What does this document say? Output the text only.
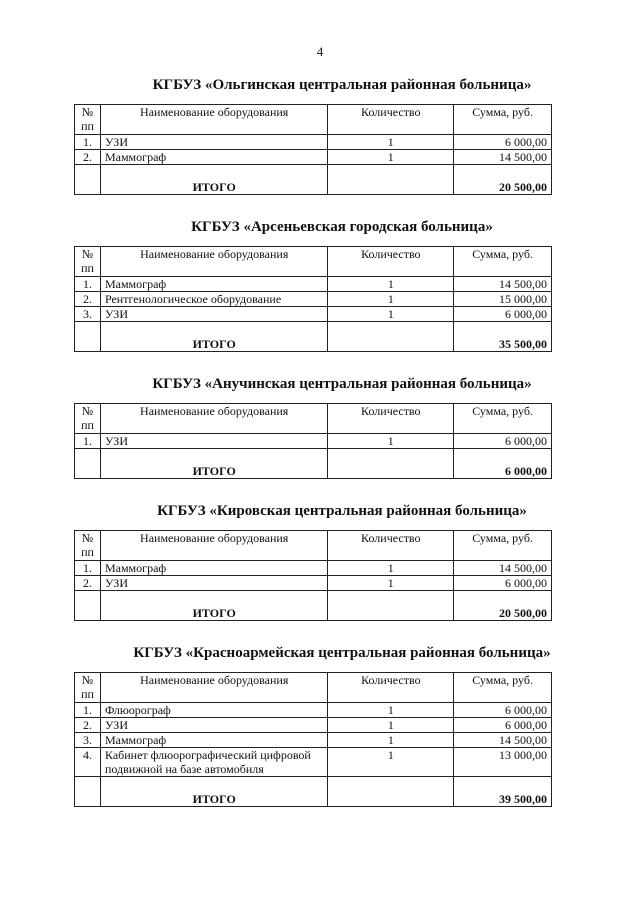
4
КГБУЗ «Ольгинская центральная районная больница»
№ пп	Наименование оборудования	Количество	Сумма, руб.
1.	УЗИ	1	6 000,00
2.	Маммограф	1	14 500,00
	ИТОГО		20 500,00
КГБУЗ «Арсеньевская городская больница»
№ пп	Наименование оборудования	Количество	Сумма, руб.
1.	Маммограф	1	14 500,00
2.	Рентгенологическое оборудование	1	15 000,00
3.	УЗИ	1	6 000,00
	ИТОГО		35 500,00
КГБУЗ «Анучинская центральная районная больница»
№ пп	Наименование оборудования	Количество	Сумма, руб.
1.	УЗИ	1	6 000,00
	ИТОГО		6 000,00
КГБУЗ «Кировская центральная районная больница»
№ пп	Наименование оборудования	Количество	Сумма, руб.
1.	Маммограф	1	14 500,00
2.	УЗИ	1	6 000,00
	ИТОГО		20 500,00
КГБУЗ «Красноармейская центральная районная больница»
№ пп	Наименование оборудования	Количество	Сумма, руб.
1.	Флюорограф	1	6 000,00
2.	УЗИ	1	6 000,00
3.	Маммограф	1	14 500,00
4.	Кабинет флюорографический цифровой подвижной на базе автомобиля	1	13 000,00
	ИТОГО		39 500,00
